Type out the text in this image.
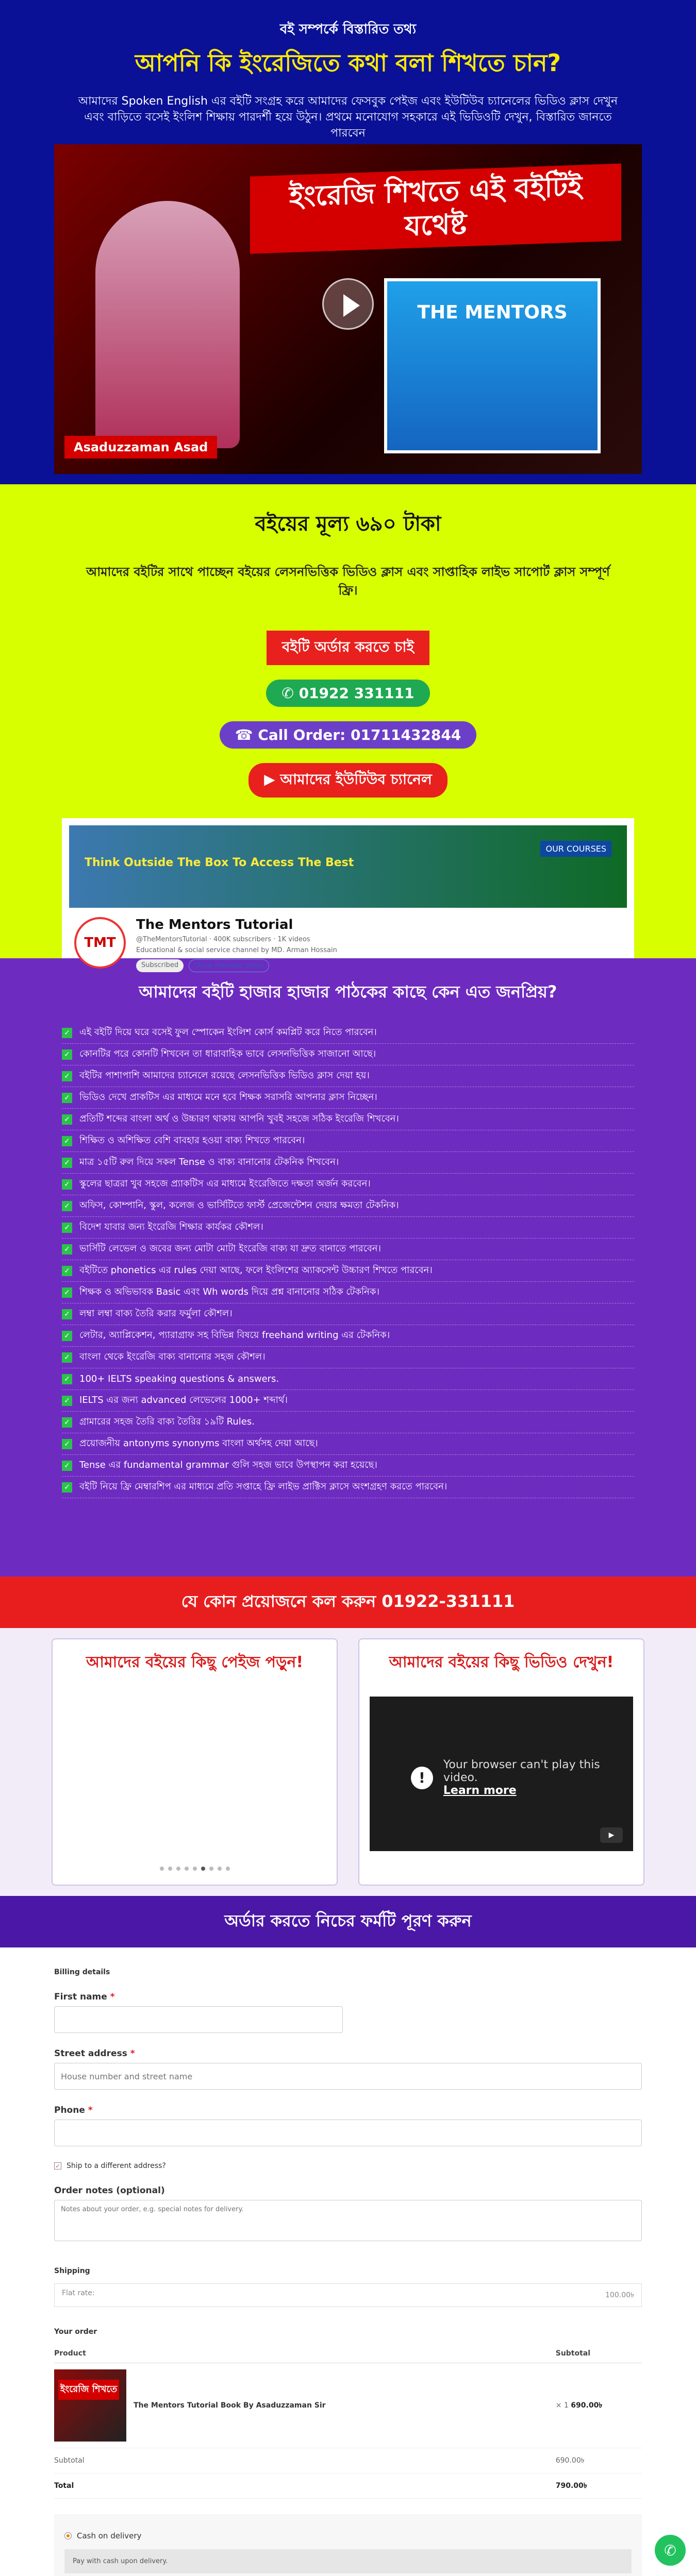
বই সম্পর্কে বিস্তারিত তথ্য
আপনি কি ইংরেজিতে কথা বলা শিখতে চান?

আমাদের Spoken English এর বইটি সংগ্রহ করে আমাদের ফেসবুক পেইজ এবং ইউটিউব চ্যানেলের ভিডিও ক্লাস দেখুন এবং বাড়িতে বসেই ইংলিশ শিক্ষায় পারদর্শী হয়ে উঠুন। প্রথমে মনোযোগ সহকারে এই ভিডিওটি দেখুন, বিস্তারিত জানতে পারবেন

ইংরেজি শিখতে এই বইটিই যথেষ্ট
THE MENTORS
Asaduzzaman Asad
বইয়ের মূল্য ৬৯০ টাকা

আমাদের বইটির সাথে পাচ্ছেন বইয়ের লেসনভিত্তিক ভিডিও ক্লাস এবং সাপ্তাহিক লাইভ সাপোর্ট ক্লাস সম্পূর্ণ ফ্রি।

বইটি অর্ডার করতে চাই
✆ 01922 331111
☎ Call Order: 01711432844
▶ আমাদের ইউটিউব চ্যানেল
Think Outside The Box To Access The Best
OUR COURSES
TMT
The Mentors Tutorial
@TheMentorsTutorial · 400K subscribers · 1K videos
Educational & social service channel by MD. Arman Hossain
Subscribed	Show member perks
আমাদের বইটি হাজার হাজার পাঠকের কাছে কেন এত জনপ্রিয়?
✓ এই বইটি দিয়ে ঘরে বসেই ফুল স্পোকেন ইংলিশ কোর্স কমপ্লিট করে নিতে পারবেন।
✓ কোনটির পরে কোনটি শিখবেন তা ধারাবাহিক ভাবে লেসনভিত্তিক সাজানো আছে।
✓ বইটির পাশাপাশি আমাদের চ্যানেলে রয়েছে লেসনভিত্তিক ভিডিও ক্লাস দেয়া হয়।
✓ ভিডিও দেখে প্রাকটিস এর মাধ্যমে মনে হবে শিক্ষক সরাসরি আপনার ক্লাস নিচ্ছেন।
✓ প্রতিটি শব্দের বাংলা অর্থ ও উচ্চারণ থাকায় আপনি খুবই সহজে সঠিক ইংরেজি শিখবেন।
✓ শিক্ষিত ও অশিক্ষিত বেশি বাবহার হওয়া বাক্য শিখতে পারবেন।
✓ মাত্র ১৫টি রুল দিয়ে সকল Tense ও বাক্য বানানোর টেকনিক শিখবেন।
✓ স্কুলের ছাত্ররা খুব সহজে প্র্যাকটিস এর মাধ্যমে ইংরেজিতে দক্ষতা অর্জন করবেন।
✓ অফিস, কোম্পানি, স্কুল, কলেজ ও ভার্সিটিতে ফার্স্ট প্রেজেন্টেশন দেয়ার ক্ষমতা টেকনিক।
✓ বিদেশ যাবার জন্য ইংরেজি শিক্ষার কার্যকর কৌশল।
✓ ভার্সিটি লেভেল ও জবের জন্য মোটা মোটা ইংরেজি বাক্য যা দ্রুত বানাতে পারবেন।
✓ বইটিতে phonetics এর rules দেয়া আছে, ফলে ইংলিশের অ্যাকসেন্ট উচ্চারণ শিখতে পারবেন।
✓ শিক্ষক ও অভিভাবক Basic এবং Wh words দিয়ে প্রশ্ন বানানোর সঠিক টেকনিক।
✓ লম্বা লম্বা বাক্য তৈরি করার ফর্মুলা কৌশল।
✓ লেটার, অ্যাপ্লিকেশন, প্যারাগ্রাফ সহ বিভিন্ন বিষয়ে freehand writing এর টেকনিক।
✓ বাংলা থেকে ইংরেজি বাক্য বানানোর সহজ কৌশল।
✓ 100+ IELTS speaking questions & answers.
✓ IELTS এর জন্য advanced লেভেলের 1000+ শব্দার্থ।
✓ গ্রামারের সহজ তৈরি বাক্য তৈরির ১৯টি Rules.
✓ প্রয়োজনীয় antonyms synonyms বাংলা অর্থসহ দেয়া আছে।
✓ Tense এর fundamental grammar গুলি সহজ ভাবে উপস্থাপন করা হয়েছে।
✓ বইটি নিয়ে ফ্রি মেম্বারশিপ এর মাধ্যমে প্রতি সপ্তাহে ফ্রি লাইভ প্রাক্টিস ক্লাসে অংশগ্রহণ করতে পারবেন।
যে কোন প্রয়োজনে কল করুন 01922-331111
আমাদের বইয়ের কিছু পেইজ পড়ুন!	আমাদের বইয়ের কিছু ভিডিও দেখুন!
!
Your browser can't play this video.
Learn more
▶
অর্ডার করতে নিচের ফর্মটি পূরণ করুন
Billing details
First name *
Street address *
House number and street name
Phone *
✓ Ship to a different address?
Order notes (optional)
Notes about your order, e.g. special notes for delivery.
Shipping
Flat rate:	100.00৳
Your order
Product	Subtotal

ইংরেজি শিখতে
The Mentors Tutorial Book By Asaduzzaman Sir	× 1 690.00৳
Subtotal	690.00৳
Total	790.00৳
Cash on delivery
Pay with cash upon delivery.

✆
